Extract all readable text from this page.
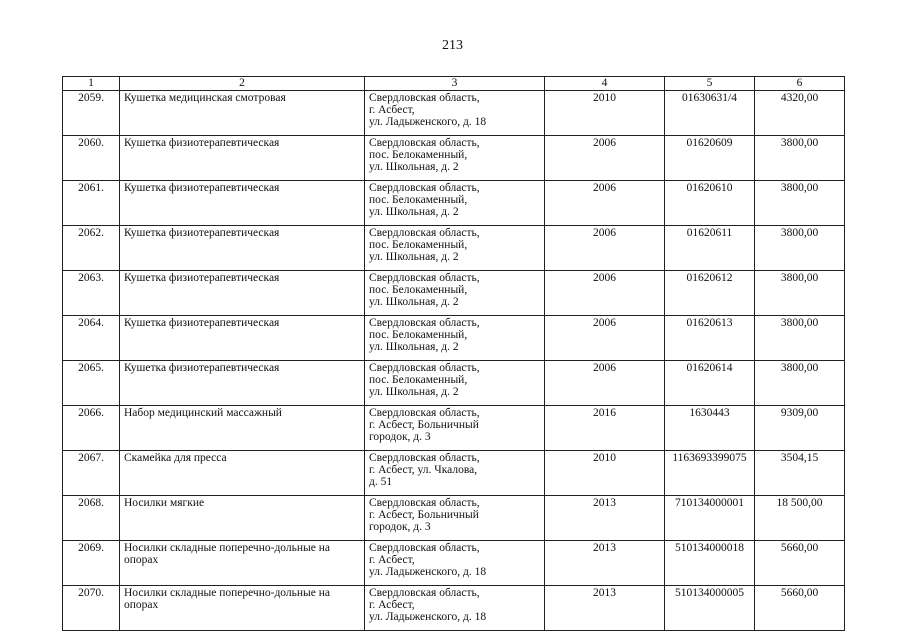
213
1	2	3	4	5	6
2059.	Кушетка медицинская смотровая	Свердловская область,
г. Асбест,
ул. Ладыженского, д. 18	2010	01630631/4	4320,00
2060.	Кушетка физиотерапевтическая	Свердловская область,
пос. Белокаменный,
ул. Школьная, д. 2	2006	01620609	3800,00
2061.	Кушетка физиотерапевтическая	Свердловская область,
пос. Белокаменный,
ул. Школьная, д. 2	2006	01620610	3800,00
2062.	Кушетка физиотерапевтическая	Свердловская область,
пос. Белокаменный,
ул. Школьная, д. 2	2006	01620611	3800,00
2063.	Кушетка физиотерапевтическая	Свердловская область,
пос. Белокаменный,
ул. Школьная, д. 2	2006	01620612	3800,00
2064.	Кушетка физиотерапевтическая	Свердловская область,
пос. Белокаменный,
ул. Школьная, д. 2	2006	01620613	3800,00
2065.	Кушетка физиотерапевтическая	Свердловская область,
пос. Белокаменный,
ул. Школьная, д. 2	2006	01620614	3800,00
2066.	Набор медицинский массажный	Свердловская область,
г. Асбест, Больничный
городок, д. 3	2016	1630443	9309,00
2067.	Скамейка для пресса	Свердловская область,
г. Асбест, ул. Чкалова,
д. 51	2010	1163693399075	3504,15
2068.	Носилки мягкие	Свердловская область,
г. Асбест, Больничный
городок, д. 3	2013	710134000001	18 500,00
2069.	Носилки складные поперечно-дольные на опорах	Свердловская область,
г. Асбест,
ул. Ладыженского, д. 18	2013	510134000018	5660,00
2070.	Носилки складные поперечно-дольные на опорах	Свердловская область,
г. Асбест,
ул. Ладыженского, д. 18	2013	510134000005	5660,00
